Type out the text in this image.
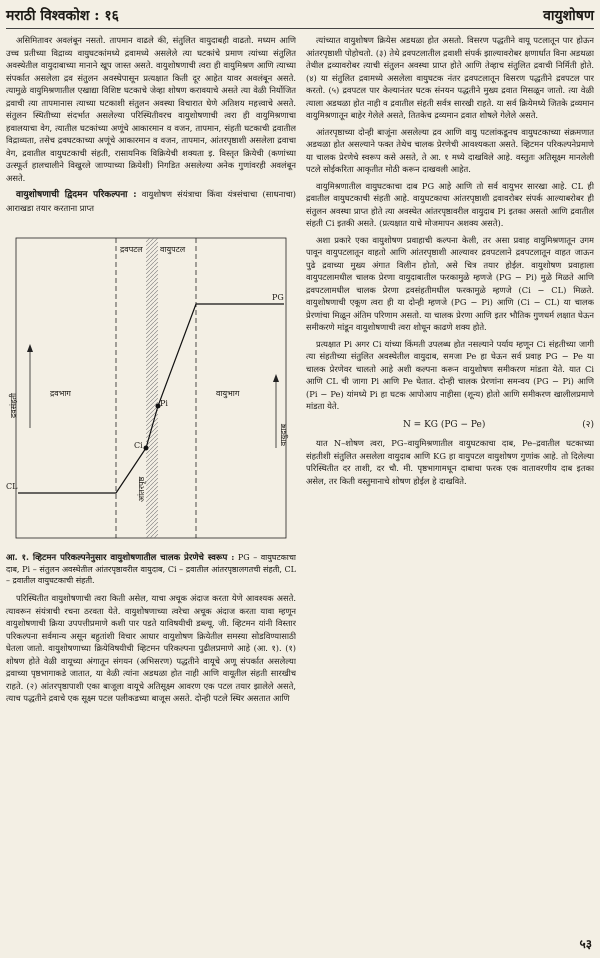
मराठी विश्वकोश : १६	वायुशोषण

असिमितावर अवलंबून नसतो. तापमान वाढले की, संतुलित वायुदाबही वाढतो. मध्यम आणि उच्च प्रतीच्या विद्राव्य वायुघटकांमध्ये द्रवामध्ये असलेले त्या घटकांचे प्रमाण त्यांच्या संतुलित अवस्थेतील वायुदाबाच्या मानाने खूप जास्त असते. वायुशोषणाची त्वरा ही वायुमिश्रण आणि त्याच्या संपर्कात असलेला द्रव संतुलन अवस्थेपासून प्रत्यक्षात किती दूर आहेत यावर अवलंबून असते. त्यामुळे वायुमिश्रणातील एखाद्या विशिष्ट घटकाचे जेव्हा शोषण करावयाचे असते त्या वेळी निर्योजित द्रवाची त्या तापमानास त्याच्या घटकाशी संतुलन अवस्था विचारात घेणे अतिशय महत्त्वाचे असते. संतुलन स्थितीच्या संदर्भात असलेल्या परिस्थितीवरच वायुशोषणाची त्वरा ही वायुमिश्रणाचा हवालयाचा वेग, त्यातील घटकांच्या अणूंचे आकारमान व वजन, तापमान, संहती घटकाची द्रवातील विद्राव्यता, तसेच द्रवघटकाच्या अणूंचे आकारमान व वजन, तापमान, आंतरपृष्ठाशी असलेला द्रवाचा वेग, द्रवातील वायुघटकाची संहती, रासायनिक विक्रियेची शक्यता इ. विस्तृत क्रियेची (कणांच्या उत्स्फूर्त हालचालीने विखुरले जाण्याच्या क्रियेशी) निगडित असलेल्या अनेक गुणांवरही अवलंबून असते.

वायुशोषणाची द्विदमन परिकल्पना : वायुशोषण संयंत्राचा किंवा यंत्रसंचाचा (साधनाचा) आराखडा तयार करताना प्राप्त

द्रवपटल वायुपटल
द्रवभाग	वायुभाग
आंतरपृष्ठ
द्रवसंहती
वायुदाब
CL
Ci
Pi
PG
आ. १. व्हिटमन परिकल्पनेनुसार वायुशोषणातील चालक प्रेरणेचे स्वरूप : PG – वायुघटकाचा दाब, Pi – संतुलन अवस्थेतील आंतरपृष्ठावरील वायुदाब, Ci – द्रवातील आंतरपृष्ठालगतची संहती, CL – द्रवातील वायुघटकाची संहती.

परिस्थितीत वायुशोषणाची त्वरा किती असेल, याचा अचूक अंदाज करता येणे आवश्यक असते. त्यावरून संयंत्राची रचना ठरवता येते. वायुशोषणाच्या त्वरेचा अचूक अंदाज करता यावा म्हणून वायुशोषणाची क्रिया उपपत्तीप्रमाणे कशी पार पडते याविषयीची डब्ल्यू. जी. व्हिटमन यांनी विस्तार परिकल्पना सर्वमान्य असून बहुतांशी विचार आधार वायुशोषण क्रियेतील समस्या सोडविण्यासाठी घेतला जातो. वायुशोषणाच्या क्रियेविषयीची व्हिटमन परिकल्पना पुढीलप्रमाणे आहे (आ. १). (१) शोषण होते वेळी वायूच्या अंगातून संगयन (अभिसरण) पद्धतीने वायूचे अणू संपर्कात असलेल्या द्रवाच्या पृष्ठभागाकडे जातात, या वेळी त्यांना अडथळा होत नाही आणि वायूतील संहती सारखीच राहते. (२) आंतरपृष्ठापाशी एका बाजूला वायूचे अतिसूक्ष्म आवरण एक पटल तयार झालेले असते, त्याच पद्धतीने द्रवाचे एक सूक्ष्म पटल पलीकडच्या बाजूस असते. दोन्ही पटले स्थिर असतात आणि

त्यांच्यात वायुशोषण क्रियेस अडथळा होत असतो. विसरण पद्धतीने वायू पटलातून पार होऊन आंतरपृष्ठाशी पोहोचतो. (३) तेथे द्रवपटलातील द्रवाशी संपर्क झाल्यावरोबर क्षणार्धात विना अडथळा तेथील द्रव्यावरोबर त्याची संतुलन अवस्था प्राप्त होते आणि तेव्हाच संतुलित द्रवाची निर्मिती होते. (४) या संतुलित द्रवामध्ये असलेला वायुघटक नंतर द्रवपटलातून विसरण पद्धतीने द्रवपटल पार करतो. (५) द्रवपटल पार केल्यानंतर घटक संनयन पद्धतीने मुख्य द्रवात मिसळून जातो. त्या वेळी त्याला अडथळा होत नाही व द्रवातील संहती सर्वत्र सारखी राहते. या सर्व क्रियेमध्ये जितके द्रव्यमान वायुमिश्रणातून बाहेर गेलेले असते, तितकेच द्रव्यमान द्रवात शोषले गेलेले असते.

आंतरपृष्ठाच्या दोन्ही बाजूंना असलेल्या द्रव आणि वायु पटलांकडूनच वायुघटकाच्या संक्रमणात अडथळा होत असल्याने फक्त तेथेच चालक प्रेरणेची आवश्यकता असते. व्हिटमन परिकल्पनेप्रमाणे या चालक प्रेरणेचे स्वरूप कसे असते, ते आ. १ मध्ये दाखविले आहे. वस्तुतः अतिसूक्ष्म मानलेली पटले सोईकरिता आकृतीत मोठी करून दाखवली आहेत.

वायुमिश्रणातील वायुघटकाचा दाब PG आहे आणि तो सर्व वायुभर सारखा आहे. CL ही द्रवातील वायुघटकाची संहती आहे. वायुघटकाचा आंतरपृष्ठाशी द्रवावरोबर संपर्क आल्याबरोबर ही संतुलन अवस्था प्राप्त होते त्या अवस्थेत आंतरपृष्ठावरील वायुदाब Pi इतका असतो आणि द्रवातील संहती Ci इतकी असते. (प्रत्यक्षात याचे मोजमापन अशक्य असते).

अशा प्रकारे एका वायुशोषण प्रवाहाची कल्पना केली, तर असा प्रवाह वायुमिश्रणातून उगम पावून वायुपटलातून वाहतो आणि आंतरपृष्ठाशी आल्यावर द्रवपटलाने द्रवपटलातून वाहत जाऊन पुढे द्रवाच्या मुख्य अंगात विलीन होतो, असे चित्र तयार होईल. वायुशोषण प्रवाहाला वायुपटलामधील चालक प्रेरणा वायुदाबातील फरकामुळे म्हणजे (PG − Pi) मुळे मिळते आणि द्रवपटलामधील चालक प्रेरणा द्रवसंहतीमधील फरकामुळे म्हणजे (Ci − CL) मिळते. वायुशोषणाची एकूण त्वरा ही या दोन्ही म्हणजे (PG − Pi) आणि (Ci − CL) या चालक प्रेरणांचा मिळून अंतिम परिणाम असतो. या चालक प्रेरणा आणि इतर भौतिक गुणधर्म लक्षात घेऊन समीकरणे मांडून वायुशोषणाची त्वरा शोधून काढणे शक्य होते.

प्रत्यक्षात Pi अगर Ci यांच्या किंमती उपलब्ध होत नसल्याने पर्याय म्हणून Ci संहतीच्या जागी त्या संहतीच्या संतुलित अवस्थेतील वायुदाब, समजा Pe हा घेऊन सर्व प्रवाह PG − Pe या चालक प्रेरणेवर चालतो आहे अशी कल्पना करून वायुशोषण समीकरण मांडता येते. यात Ci आणि CL ची जागा Pi आणि Pe घेतात. दोन्ही चालक प्रेरणांना समन्वय (PG − Pi) आणि (Pi − Pe) यांमध्ये Pi हा घटक आपोआप नाहीसा (शून्य) होतो आणि समीकरण खालीलप्रमाणे मांडता येते.

N = KG (PG − Pe)	(२)

यात N–शोषण त्वरा, PG–वायुमिश्रणातील वायुघटकाचा दाब, Pe–द्रवातील घटकाच्या संहतीशी संतुलित असलेला वायुदाब आणि KG हा वायुपटल वायुशोषण गुणांक आहे. तो दिलेल्या परिस्थितीत दर ताशी, दर चौ. मी. पृष्ठभागामधून दाबाचा फरक एक वातावरणीय दाब इतका असेल, तर किती वस्तुमानाचे शोषण होईल हे दाखविते.

५३
